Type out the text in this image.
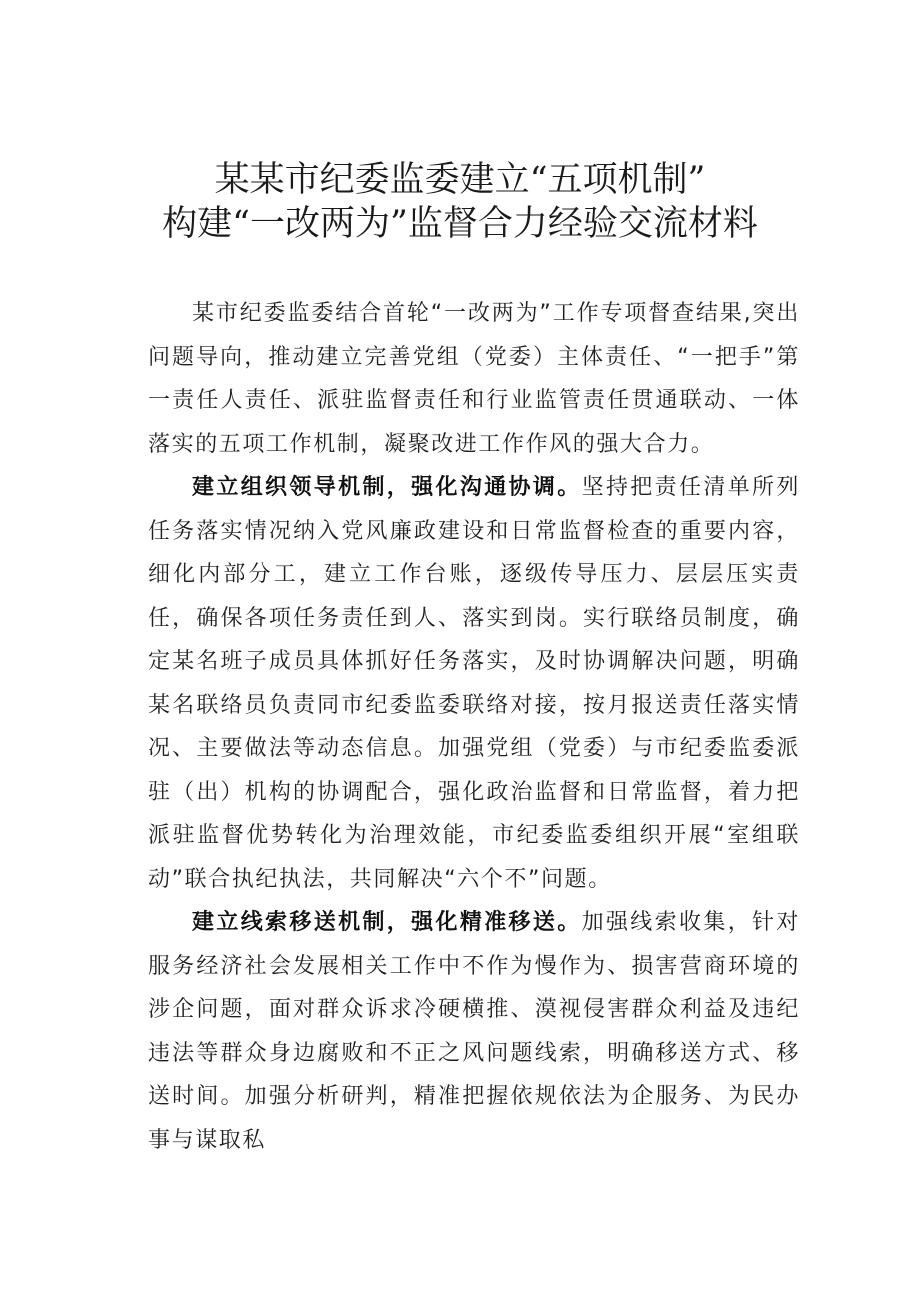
某某市纪委监委建立“五项机制”
构建“一改两为”监督合力经验交流材料

某市纪委监委结合首轮“一改两为”工作专项督查结果,突出问题导向，推动建立完善党组（党委）主体责任、“一把手”第一责任人责任、派驻监督责任和行业监管责任贯通联动、一体落实的五项工作机制，凝聚改进工作作风的强大合力。

建立组织领导机制，强化沟通协调。坚持把责任清单所列任务落实情况纳入党风廉政建设和日常监督检查的重要内容，细化内部分工，建立工作台账，逐级传导压力、层层压实责任，确保各项任务责任到人、落实到岗。实行联络员制度，确定某名班子成员具体抓好任务落实，及时协调解决问题，明确某名联络员负责同市纪委监委联络对接，按月报送责任落实情况、主要做法等动态信息。加强党组（党委）与市纪委监委派驻（出）机构的协调配合，强化政治监督和日常监督，着力把派驻监督优势转化为治理效能，市纪委监委组织开展“室组联动”联合执纪执法，共同解决“六个不”问题。

建立线索移送机制，强化精准移送。加强线索收集，针对服务经济社会发展相关工作中不作为慢作为、损害营商环境的涉企问题，面对群众诉求冷硬横推、漠视侵害群众利益及违纪违法等群众身边腐败和不正之风问题线索，明确移送方式、移送时间。加强分析研判，精准把握依规依法为企服务、为民办事与谋取私
